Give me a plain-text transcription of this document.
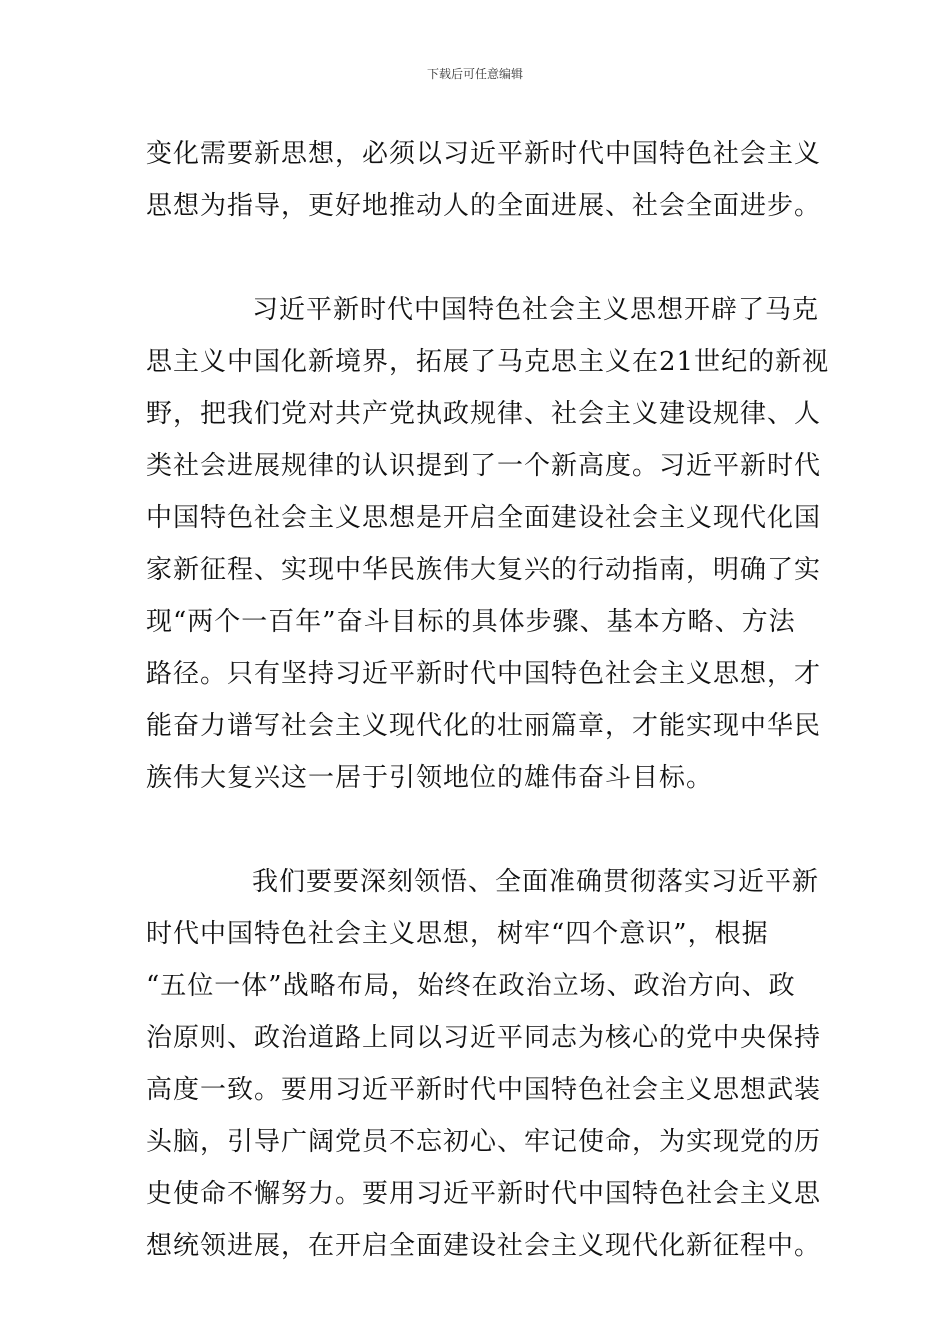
下载后可任意编辑
变化需要新思想，必须以习近平新时代中国特色社会主义
思想为指导，更好地推动人的全面进展、社会全面进步。
习近平新时代中国特色社会主义思想开辟了马克
思主义中国化新境界，拓展了马克思主义在21世纪的新视
野，把我们党对共产党执政规律、社会主义建设规律、人
类社会进展规律的认识提到了一个新高度。习近平新时代
中国特色社会主义思想是开启全面建设社会主义现代化国
家新征程、实现中华民族伟大复兴的行动指南，明确了实
现“两个一百年”奋斗目标的具体步骤、基本方略、方法
路径。只有坚持习近平新时代中国特色社会主义思想，才
能奋力谱写社会主义现代化的壮丽篇章，才能实现中华民
族伟大复兴这一居于引领地位的雄伟奋斗目标。
我们要要深刻领悟、全面准确贯彻落实习近平新
时代中国特色社会主义思想，树牢“四个意识”，根据
“五位一体”战略布局，始终在政治立场、政治方向、政
治原则、政治道路上同以习近平同志为核心的党中央保持
高度一致。要用习近平新时代中国特色社会主义思想武装
头脑，引导广阔党员不忘初心、牢记使命，为实现党的历
史使命不懈努力。要用习近平新时代中国特色社会主义思
想统领进展，在开启全面建设社会主义现代化新征程中。
